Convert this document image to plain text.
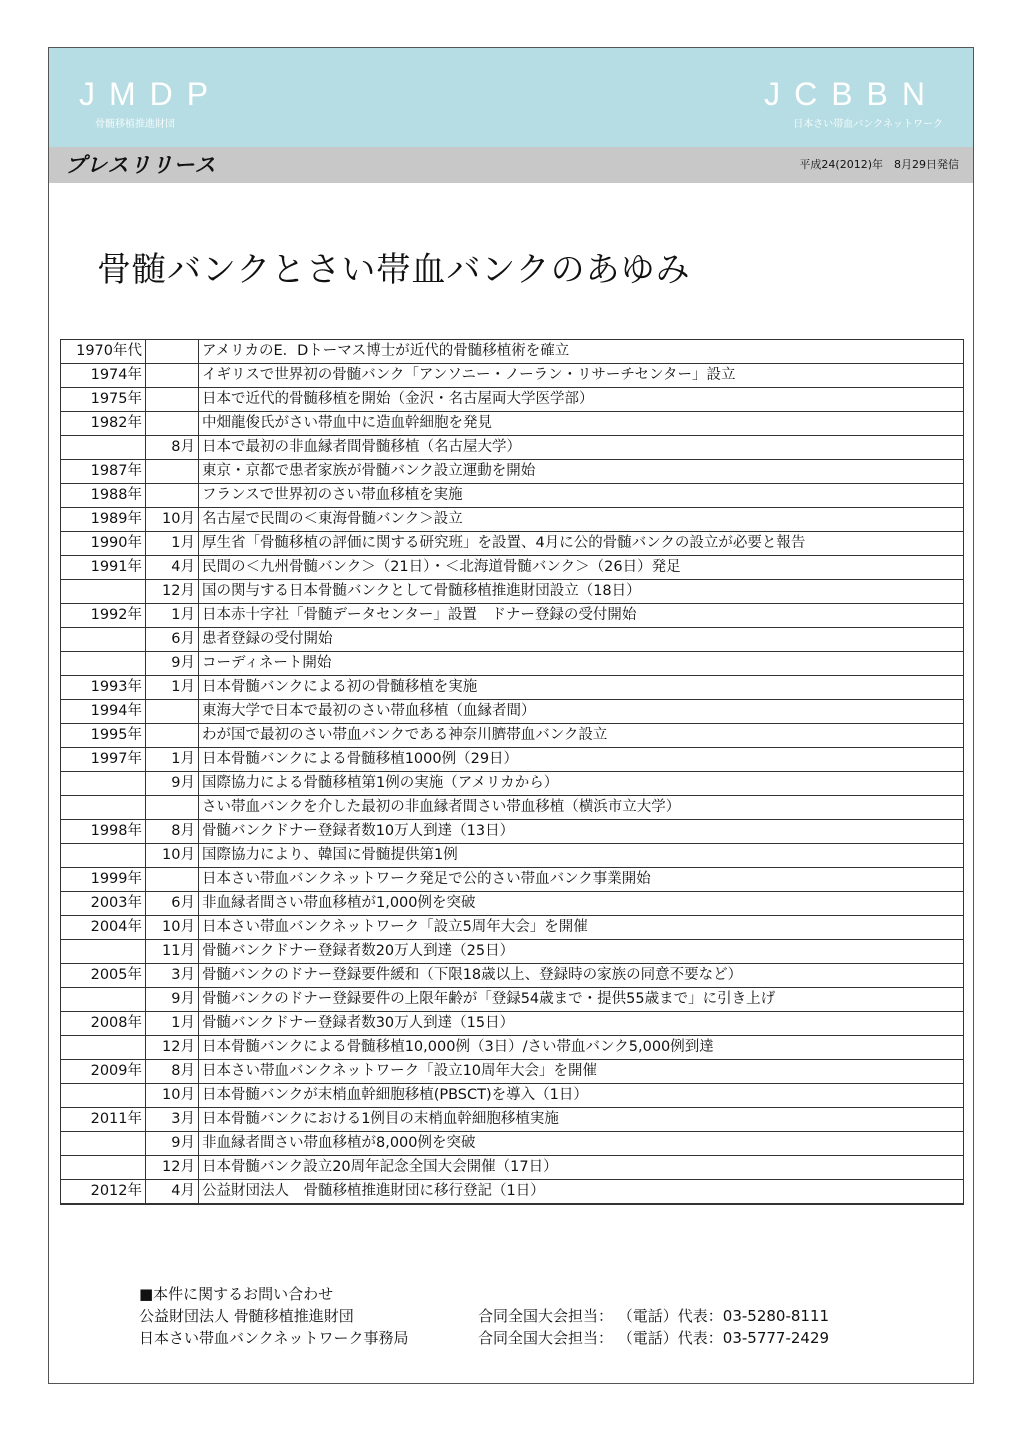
JMDP
骨髄移植推進財団
JCBBN
日本さい帯血バンクネットワーク
プレスリリース	平成24(2012)年　8月29日発信
骨髄バンクとさい帯血バンクのあゆみ
1970年代		アメリカのE．Dトーマス博士が近代的骨髄移植術を確立
1974年		イギリスで世界初の骨髄バンク「アンソニー・ノーラン・リサーチセンター」設立
1975年		日本で近代的骨髄移植を開始（金沢・名古屋両大学医学部）
1982年		中畑龍俊氏がさい帯血中に造血幹細胞を発見
	8月	日本で最初の非血縁者間骨髄移植（名古屋大学）
1987年		東京・京都で患者家族が骨髄バンク設立運動を開始
1988年		フランスで世界初のさい帯血移植を実施
1989年	10月	名古屋で民間の＜東海骨髄バンク＞設立
1990年	1月	厚生省「骨髄移植の評価に関する研究班」を設置、4月に公的骨髄バンクの設立が必要と報告
1991年	4月	民間の＜九州骨髄バンク＞（21日）・＜北海道骨髄バンク＞（26日）発足
	12月	国の関与する日本骨髄バンクとして骨髄移植推進財団設立（18日）
1992年	1月	日本赤十字社「骨髄データセンター」設置　ドナー登録の受付開始
	6月	患者登録の受付開始
	9月	コーディネート開始
1993年	1月	日本骨髄バンクによる初の骨髄移植を実施
1994年		東海大学で日本で最初のさい帯血移植（血縁者間）
1995年		わが国で最初のさい帯血バンクである神奈川臍帯血バンク設立
1997年	1月	日本骨髄バンクによる骨髄移植1000例（29日）
	9月	国際協力による骨髄移植第1例の実施（アメリカから）
		さい帯血バンクを介した最初の非血縁者間さい帯血移植（横浜市立大学）
1998年	8月	骨髄バンクドナー登録者数10万人到達（13日）
	10月	国際協力により、韓国に骨髄提供第1例
1999年		日本さい帯血バンクネットワーク発足で公的さい帯血バンク事業開始
2003年	6月	非血縁者間さい帯血移植が1,000例を突破
2004年	10月	日本さい帯血バンクネットワーク「設立5周年大会」を開催
	11月	骨髄バンクドナー登録者数20万人到達（25日）
2005年	3月	骨髄バンクのドナー登録要件緩和（下限18歳以上、登録時の家族の同意不要など）
	9月	骨髄バンクのドナー登録要件の上限年齢が「登録54歳まで・提供55歳まで」に引き上げ
2008年	1月	骨髄バンクドナー登録者数30万人到達（15日）
	12月	日本骨髄バンクによる骨髄移植10,000例（3日）/さい帯血バンク5,000例到達
2009年	8月	日本さい帯血バンクネットワーク「設立10周年大会」を開催
	10月	日本骨髄バンクが末梢血幹細胞移植(PBSCT)を導入（1日）
2011年	3月	日本骨髄バンクにおける1例目の末梢血幹細胞移植実施
	9月	非血縁者間さい帯血移植が8,000例を突破
	12月	日本骨髄バンク設立20周年記念全国大会開催（17日）
2012年	4月	公益財団法人　骨髄移植推進財団に移行登記（1日）
■本件に関するお問い合わせ
公益財団法人 骨髄移植推進財団	合同全国大会担当： （電話）代表：03-5280-8111
日本さい帯血バンクネットワーク事務局	合同全国大会担当： （電話）代表：03-5777-2429
